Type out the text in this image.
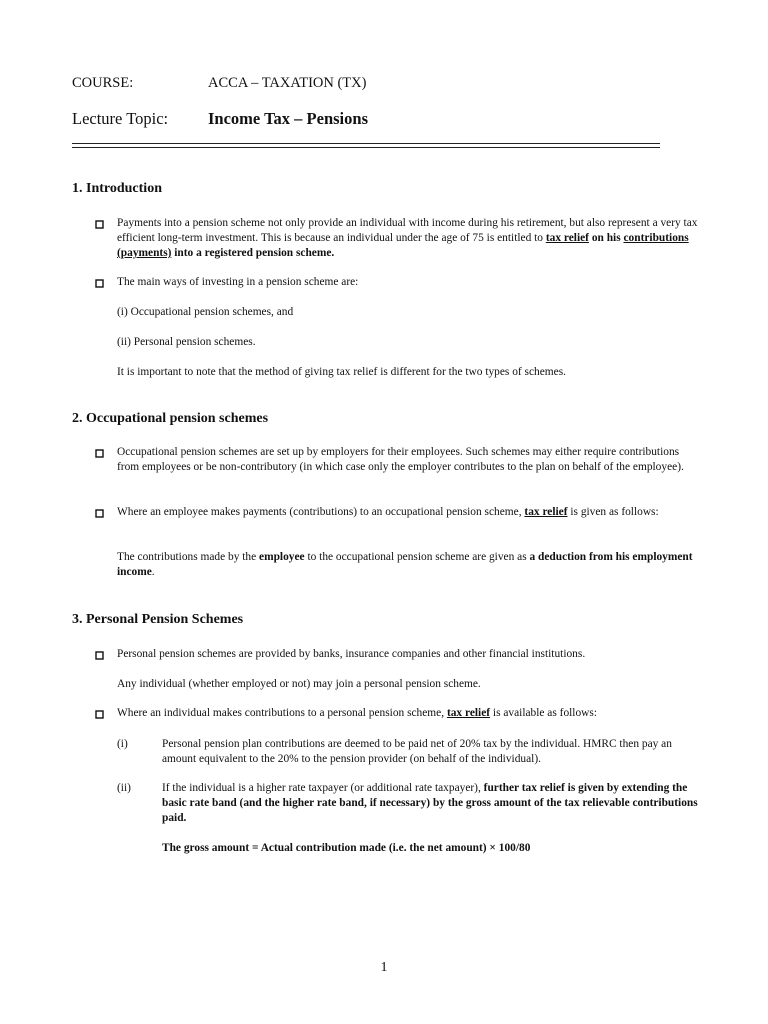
COURSE:	ACCA – TAXATION (TX)
Lecture Topic: Income Tax – Pensions
1. Introduction

Payments into a pension scheme not only provide an individual with income during his retirement, but also represent a very tax efficient long-term investment. This is because an individual under the age of 75 is entitled to tax relief on his contributions (payments) into a registered pension scheme.

The main ways of investing in a pension scheme are:

(i) Occupational pension schemes, and

(ii) Personal pension schemes.

It is important to note that the method of giving tax relief is different for the two types of schemes.

2. Occupational pension schemes

Occupational pension schemes are set up by employers for their employees. Such schemes may either require contributions from employees or be non-contributory (in which case only the employer contributes to the plan on behalf of the employee).

Where an employee makes payments (contributions) to an occupational pension scheme, tax relief is given as follows:

The contributions made by the employee to the occupational pension scheme are given as a deduction from his employment income.

3. Personal Pension Schemes

Personal pension schemes are provided by banks, insurance companies and other financial institutions.

Any individual (whether employed or not) may join a personal pension scheme.

Where an individual makes contributions to a personal pension scheme, tax relief is available as follows:

(i)	Personal pension plan contributions are deemed to be paid net of 20% tax by the individual. HMRC then pay an amount equivalent to the 20% to the pension provider (on behalf of the individual).

(ii)	If the individual is a higher rate taxpayer (or additional rate taxpayer), further tax relief is given by extending the basic rate band (and the higher rate band, if necessary) by the gross amount of the tax relievable contributions paid.

The gross amount = Actual contribution made (i.e. the net amount) × 100/80

1
